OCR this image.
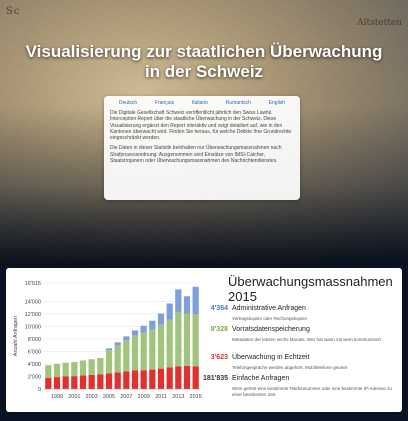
Sc
Altstetten
Visualisierung zur staatlichen Überwachung in der Schweiz
Deutsch	Français	Italiano	Rumantsch	English

Die Digitale Gesellschaft Schweiz veröffentlicht jährlich den Swiss Lawful Interception Report über die staatliche Überwachung in der Schweiz. Diese Visualisierung ergänzt den Report interaktiv und zeigt detailiert auf, wie in den Kantonen überwacht wird. Finden Sie heraus, für welche Delikte Ihre Grundrechte eingeschränkt werden.

Die Daten in dieser Statistik beinhalten nur Überwachungsmassnahmen nach Strafprozessordnung. Ausgenommen sind Einsätze von IMSI-Catcher, Staatstrojanern oder Überwachungsmassnahmen des Nachrichtendienstes.

0
2'000
4'000
6'000
8'000
10'000
12'000
14'000
16'915
Anzahl Anfragen
1999 2001 2003 2005 2007 2009 2011 2013 2015
Überwachungsmassnahmen 2015
4'364 Administrative Anfragen
Vertragskopien oder Rechungskopien
8'328 Vorratsdatenspeicherung
Metadaten der letzten sechs Monats. Wer hat wann mit wem kommuniziert.
3'623 Überwachung in Echtzeit
Telefongespräche werden abgehört, Mobiltelefone geortet
181'835 Einfache Anfragen
Wem gehört eine bestimmte Telefonnummer oder eine bestimmte IP-Adresse zu einer bestimmten Zeit.
